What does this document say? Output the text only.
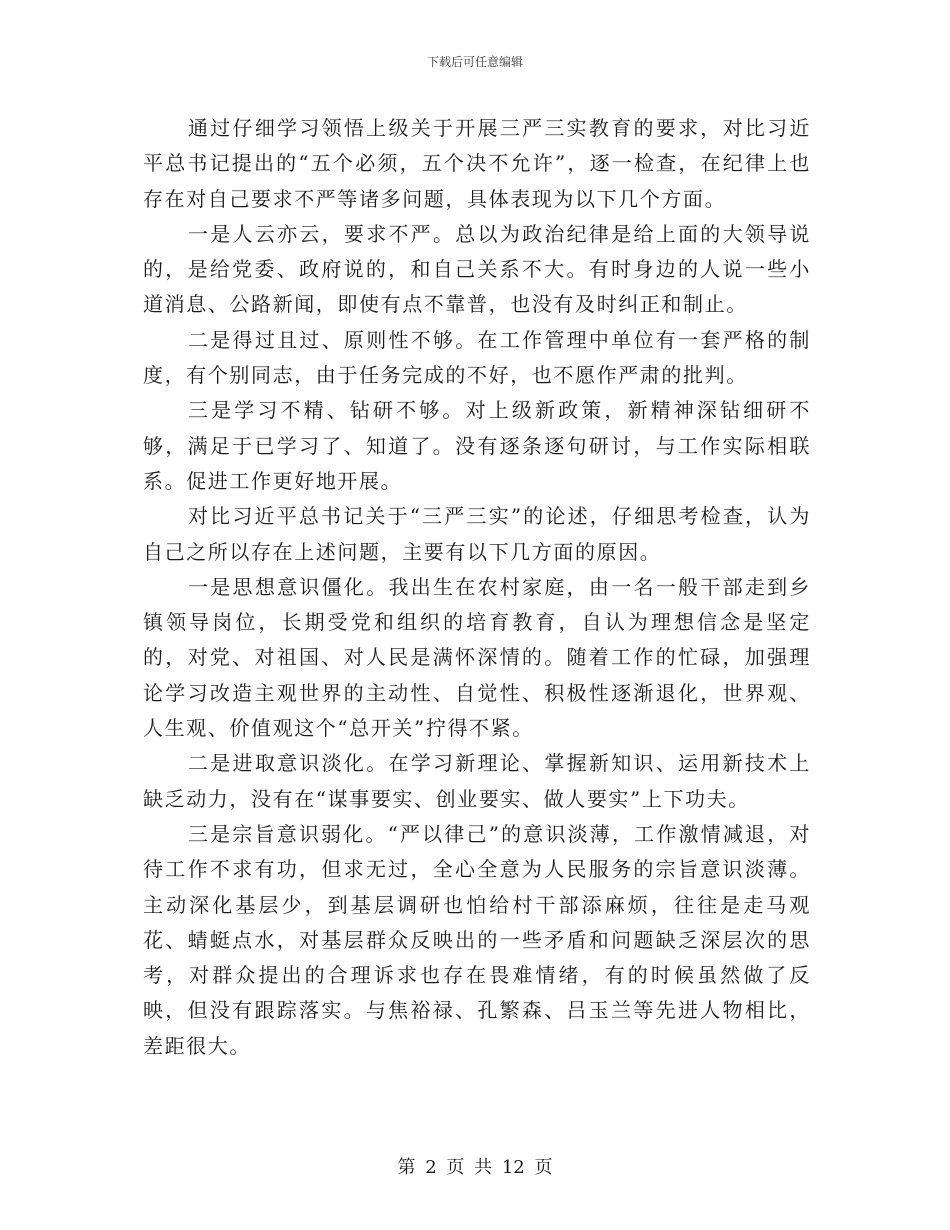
下载后可任意编辑

通过仔细学习领悟上级关于开展三严三实教育的要求，对比习近平总书记提出的“五个必须，五个决不允许”，逐一检查，在纪律上也存在对自己要求不严等诸多问题，具体表现为以下几个方面。

一是人云亦云，要求不严。总以为政治纪律是给上面的大领导说的，是给党委、政府说的，和自己关系不大。有时身边的人说一些小道消息、公路新闻，即使有点不靠普，也没有及时纠正和制止。

二是得过且过、原则性不够。在工作管理中单位有一套严格的制度，有个别同志，由于任务完成的不好，也不愿作严肃的批判。

三是学习不精、钻研不够。对上级新政策，新精神深钻细研不够，满足于已学习了、知道了。没有逐条逐句研讨，与工作实际相联系。促进工作更好地开展。

对比习近平总书记关于“三严三实”的论述，仔细思考检查，认为自己之所以存在上述问题，主要有以下几方面的原因。

一是思想意识僵化。我出生在农村家庭，由一名一般干部走到乡镇领导岗位，长期受党和组织的培育教育，自认为理想信念是坚定的，对党、对祖国、对人民是满怀深情的。随着工作的忙碌，加强理论学习改造主观世界的主动性、自觉性、积极性逐渐退化，世界观、人生观、价值观这个“总开关”拧得不紧。

二是进取意识淡化。在学习新理论、掌握新知识、运用新技术上缺乏动力，没有在“谋事要实、创业要实、做人要实”上下功夫。

三是宗旨意识弱化。“严以律己”的意识淡薄，工作激情减退，对待工作不求有功，但求无过，全心全意为人民服务的宗旨意识淡薄。主动深化基层少，到基层调研也怕给村干部添麻烦，往往是走马观花、蜻蜓点水，对基层群众反映出的一些矛盾和问题缺乏深层次的思考，对群众提出的合理诉求也存在畏难情绪，有的时候虽然做了反映，但没有跟踪落实。与焦裕禄、孔繁森、吕玉兰等先进人物相比，差距很大。

第 2 页 共 12 页
